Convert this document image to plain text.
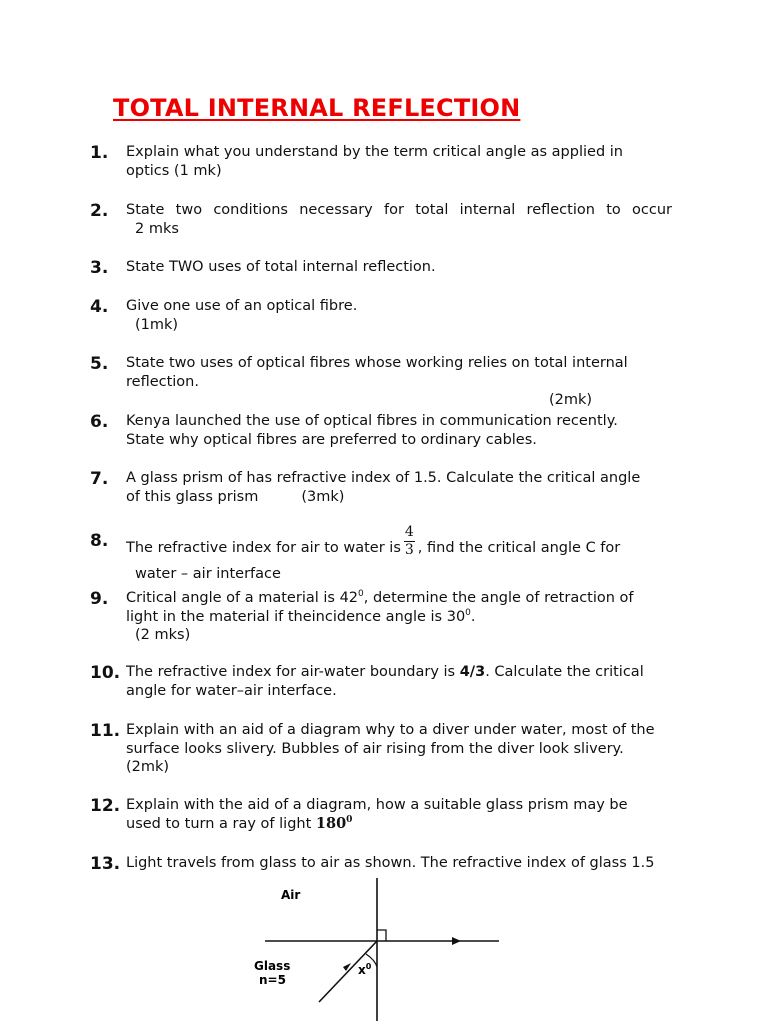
TOTAL INTERNAL REFLECTION
1. Explain what you understand by the term critical angle as applied in
optics (1 mk)
2. State two conditions necessary for total internal reflection to occur
2 mks
3. State TWO uses of total internal reflection.
4. Give one use of an optical fibre.
(1mk)
5. State two uses of optical fibres whose working relies on total internal
reflection.
(2mk)
6. Kenya launched the use of optical fibres in communication recently.
State why optical fibres are preferred to ordinary cables.
7. A glass prism of has refractive index of 1.5. Calculate the critical angle
of this glass prism	(3mk)
8. The refractive index for air to water is $\frac{4}{3}$ , find the critical angle C for
water – air interface
9. Critical angle of a material is $42^0$, determine the angle of retraction of
light in the material if theincidence angle is $30^0$.
(2 mks)
10. The refractive index for air-water boundary is 4/3. Calculate the critical
angle for water–air interface.
11. Explain with an aid of a diagram why to a diver under water, most of the
surface looks slivery. Bubbles of air rising from the diver look slivery.
(2mk)
12. Explain with the aid of a diagram, how a suitable glass prism may be
used to turn a ray of light $180^0$
13. Light travels from glass to air as shown. The refractive index of glass 1.5
Air
Glass
n=5
$x^0$
